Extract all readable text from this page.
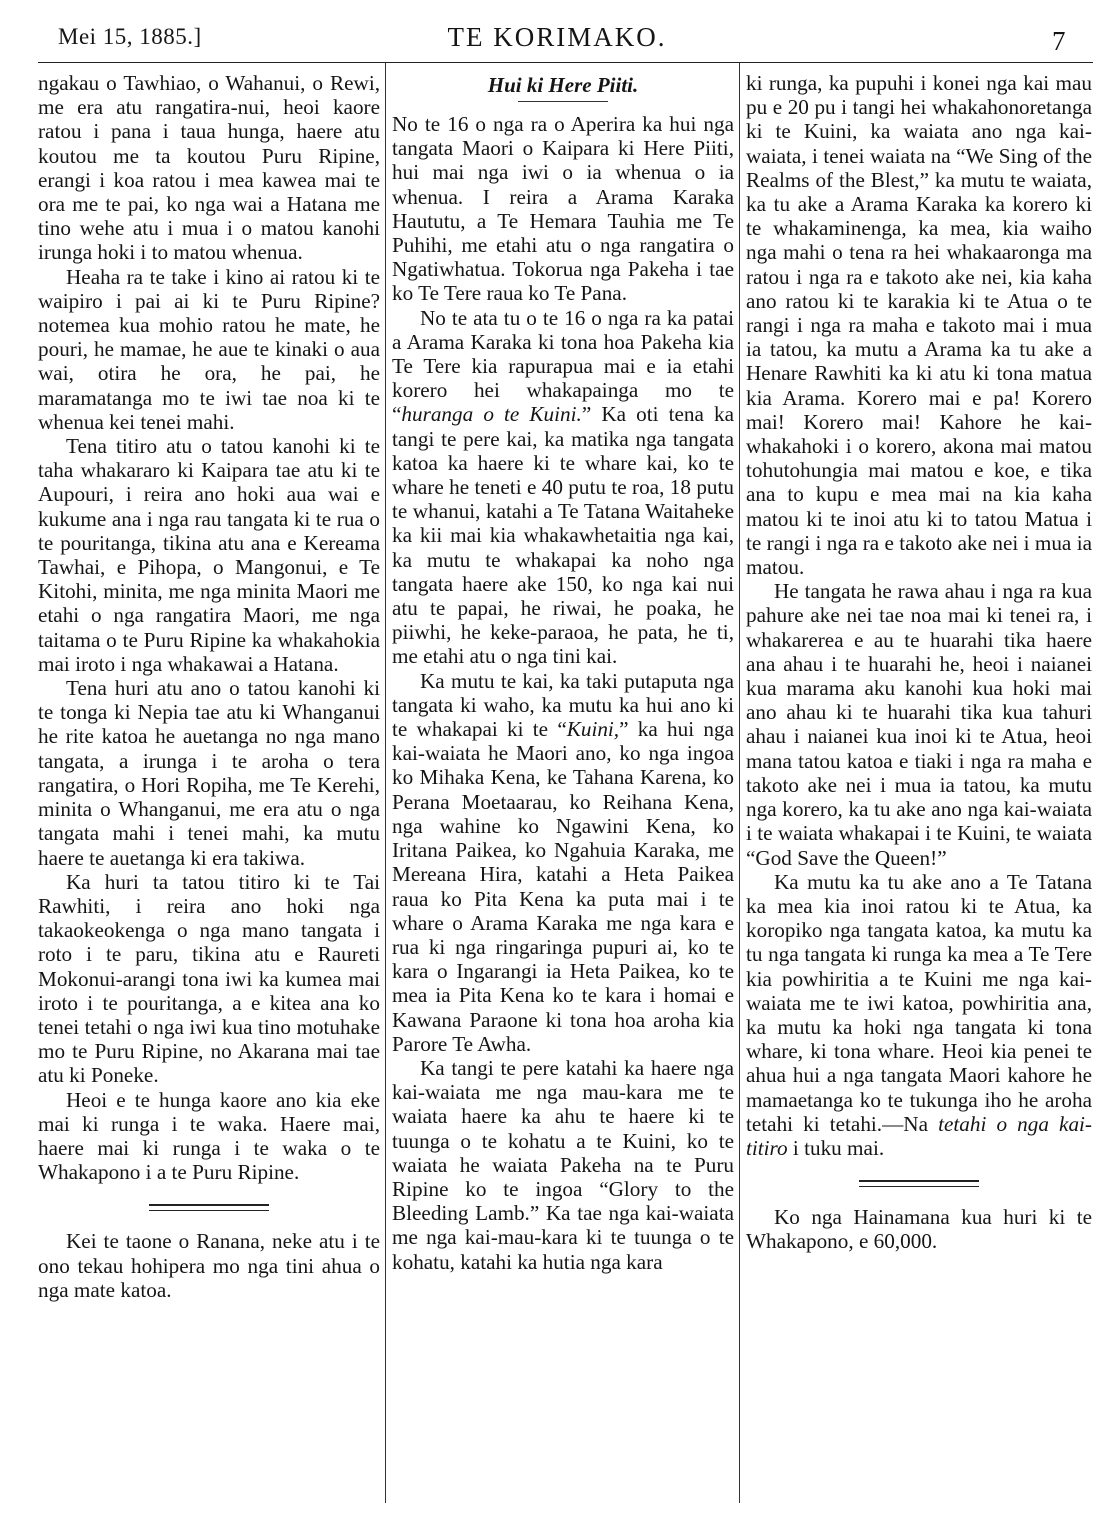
Mei 15, 1885.]	TE KORIMAKO.	7

ngakau o Tawhiao, o Wahanui, o Rewi, me era atu rangatira-nui, heoi kaore ratou i pana i taua hunga, haere atu koutou me ta koutou Puru Ripine, erangi i koa ratou i mea kawea mai te ora me te pai, ko nga wai a Hatana me tino wehe atu i mua i o matou kanohi irunga hoki i to matou whenua.

Heaha ra te take i kino ai ratou ki te waipiro i pai ai ki te Puru Ripine? notemea kua mohio ratou he mate, he pouri, he mamae, he aue te kinaki o aua wai, otira he ora, he pai, he maramatanga mo te iwi tae noa ki te whenua kei tenei mahi.

Tena titiro atu o tatou kanohi ki te taha whakararo ki Kaipara tae atu ki te Aupouri, i reira ano hoki aua wai e kukume ana i nga rau tangata ki te rua o te pouritanga, tikina atu ana e Kereama Tawhai, e Pihopa, o Mangonui, e Te Kitohi, minita, me nga minita Maori me etahi o nga rangatira Maori, me nga taitama o te Puru Ripine ka whakahokia mai iroto i nga whakawai a Hatana.

Tena huri atu ano o tatou kanohi ki te tonga ki Nepia tae atu ki Whanganui he rite katoa he auetanga no nga mano tangata, a irunga i te aroha o tera rangatira, o Hori Ropiha, me Te Kerehi, minita o Whanganui, me era atu o nga tangata mahi i tenei mahi, ka mutu haere te auetanga ki era takiwa.

Ka huri ta tatou titiro ki te Tai Rawhiti, i reira ano hoki nga takaokeokenga o nga mano tangata i roto i te paru, tikina atu e Raureti Mokonui-arangi tona iwi ka kumea mai iroto i te pouritanga, a e kitea ana ko tenei tetahi o nga iwi kua tino motuhake mo te Puru Ripine, no Akarana mai tae atu ki Poneke.

Heoi e te hunga kaore ano kia eke mai ki runga i te waka. Haere mai, haere mai ki runga i te waka o te Whakapono i a te Puru Ripine.

Kei te taone o Ranana, neke atu i te ono tekau hohipera mo nga tini ahua o nga mate katoa.

Hui ki Here Piiti.

No te 16 o nga ra o Aperira ka hui nga tangata Maori o Kaipara ki Here Piiti, hui mai nga iwi o ia whenua o ia whenua. I reira a Arama Karaka Haututu, a Te Hemara Tauhia me Te Puhihi, me etahi atu o nga rangatira o Ngatiwhatua. Tokorua nga Pakeha i tae ko Te Tere raua ko Te Pana.

No te ata tu o te 16 o nga ra ka patai a Arama Karaka ki tona hoa Pakeha kia Te Tere kia rapurapua mai e ia etahi korero hei whakapainga mo te “huranga o te Kuini.” Ka oti tena ka tangi te pere kai, ka matika nga tangata katoa ka haere ki te whare kai, ko te whare he teneti e 40 putu te roa, 18 putu te whanui, katahi a Te Tatana Waitaheke ka kii mai kia whakawhetaitia nga kai, ka mutu te whakapai ka noho nga tangata haere ake 150, ko nga kai nui atu te papai, he riwai, he poaka, he piiwhi, he keke-paraoa, he pata, he ti, me etahi atu o nga tini kai.

Ka mutu te kai, ka taki putaputa nga tangata ki waho, ka mutu ka hui ano ki te whakapai ki te “Kuini,” ka hui nga kai-waiata he Maori ano, ko nga ingoa ko Mihaka Kena, ke Tahana Karena, ko Perana Moetaarau, ko Reihana Kena, nga wahine ko Ngawini Kena, ko Iritana Paikea, ko Ngahuia Karaka, me Mereana Hira, katahi a Heta Paikea raua ko Pita Kena ka puta mai i te whare o Arama Karaka me nga kara e rua ki nga ringaringa pupuri ai, ko te kara o Ingarangi ia Heta Paikea, ko te mea ia Pita Kena ko te kara i homai e Kawana Paraone ki tona hoa aroha kia Parore Te Awha.

Ka tangi te pere katahi ka haere nga kai-waiata me nga mau-kara me te waiata haere ka ahu te haere ki te tuunga o te kohatu a te Kuini, ko te waiata he waiata Pakeha na te Puru Ripine ko te ingoa “Glory to the Bleeding Lamb.” Ka tae nga kai-waiata me nga kai-mau-kara ki te tuunga o te kohatu, katahi ka hutia nga kara

ki runga, ka pupuhi i konei nga kai mau pu e 20 pu i tangi hei whakahonoretanga ki te Kuini, ka waiata ano nga kai-waiata, i tenei waiata na “We Sing of the Realms of the Blest,” ka mutu te waiata, ka tu ake a Arama Karaka ka korero ki te whakaminenga, ka mea, kia waiho nga mahi o tena ra hei whakaaronga ma ratou i nga ra e takoto ake nei, kia kaha ano ratou ki te karakia ki te Atua o te rangi i nga ra maha e takoto mai i mua ia tatou, ka mutu a Arama ka tu ake a Henare Rawhiti ka ki atu ki tona matua kia Arama. Korero mai e pa! Korero mai! Korero mai! Kahore he kai-whakahoki i o korero, akona mai matou tohutohungia mai matou e koe, e tika ana to kupu e mea mai na kia kaha matou ki te inoi atu ki to tatou Matua i te rangi i nga ra e takoto ake nei i mua ia matou.

He tangata he rawa ahau i nga ra kua pahure ake nei tae noa mai ki tenei ra, i whakarerea e au te huarahi tika haere ana ahau i te huarahi he, heoi i naianei kua marama aku kanohi kua hoki mai ano ahau ki te huarahi tika kua tahuri ahau i naianei kua inoi ki te Atua, heoi mana tatou katoa e tiaki i nga ra maha e takoto ake nei i mua ia tatou, ka mutu nga korero, ka tu ake ano nga kai-waiata i te waiata whakapai i te Kuini, te waiata “God Save the Queen!”

Ka mutu ka tu ake ano a Te Tatana ka mea kia inoi ratou ki te Atua, ka koropiko nga tangata katoa, ka mutu ka tu nga tangata ki runga ka mea a Te Tere kia powhiritia a te Kuini me nga kai-waiata me te iwi katoa, powhiritia ana, ka mutu ka hoki nga tangata ki tona whare, ki tona whare. Heoi kia penei te ahua hui a nga tangata Maori kahore he mamaetanga ko te tukunga iho he aroha tetahi ki tetahi.—Na tetahi o nga kai-titiro i tuku mai.

Ko nga Hainamana kua huri ki te Whakapono, e 60,000.
